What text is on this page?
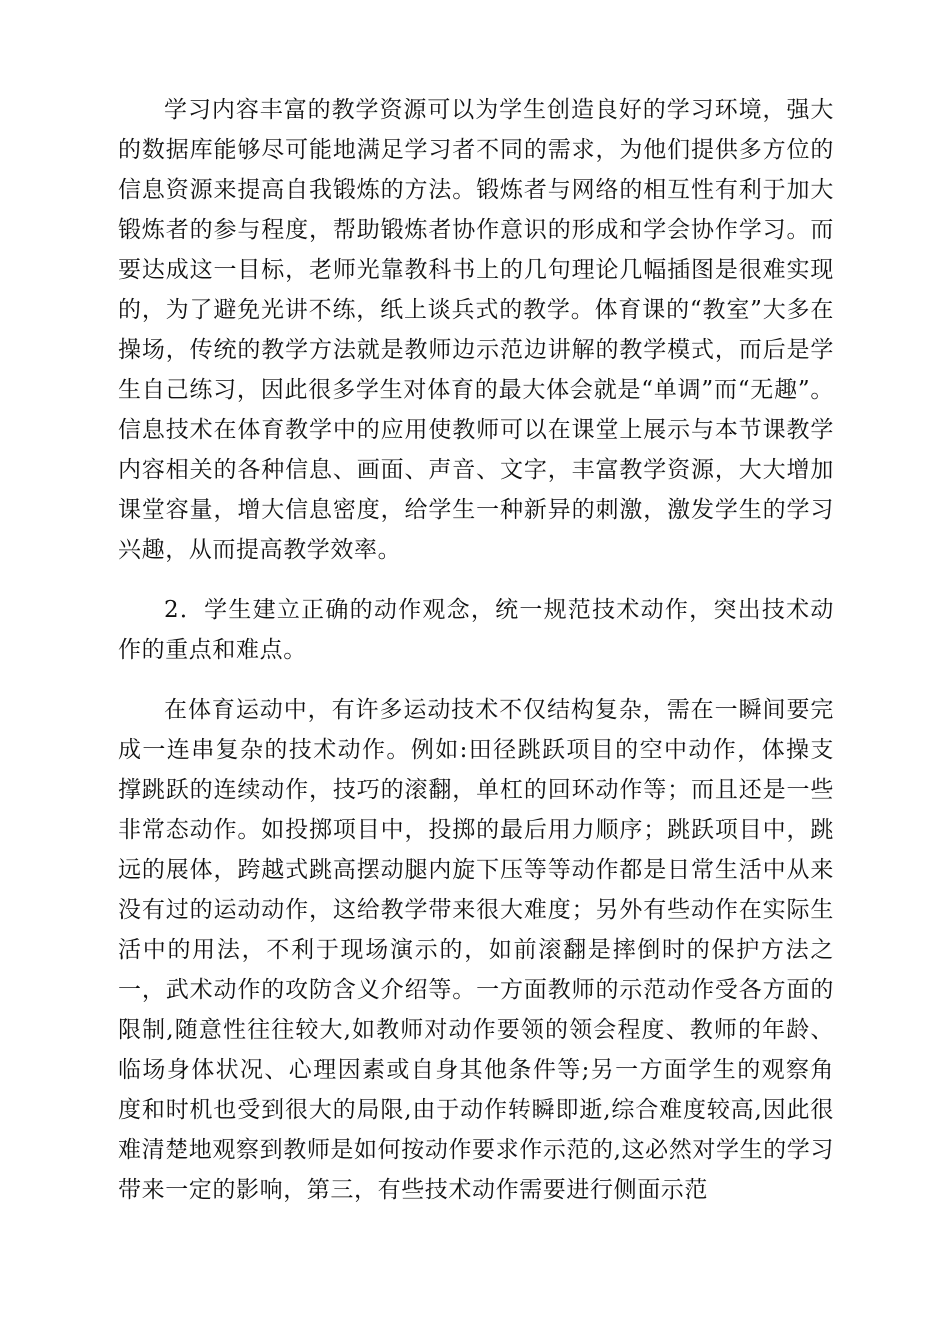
学习内容丰富的教学资源可以为学生创造良好的学习环境，强大的数据库能够尽可能地满足学习者不同的需求，为他们提供多方位的信息资源来提高自我锻炼的方法。锻炼者与网络的相互性有利于加大锻炼者的参与程度，帮助锻炼者协作意识的形成和学会协作学习。而要达成这一目标，老师光靠教科书上的几句理论几幅插图是很难实现的，为了避免光讲不练，纸上谈兵式的教学。体育课的“教室”大多在操场，传统的教学方法就是教师边示范边讲解的教学模式，而后是学生自己练习，因此很多学生对体育的最大体会就是“单调”而“无趣”。信息技术在体育教学中的应用使教师可以在课堂上展示与本节课教学内容相关的各种信息、画面、声音、文字，丰富教学资源，大大增加课堂容量，增大信息密度，给学生一种新异的刺激，激发学生的学习兴趣，从而提高教学效率。

2．学生建立正确的动作观念，统一规范技术动作，突出技术动作的重点和难点。

在体育运动中，有许多运动技术不仅结构复杂，需在一瞬间要完成一连串复杂的技术动作。例如:田径跳跃项目的空中动作，体操支撑跳跃的连续动作，技巧的滚翻，单杠的回环动作等；而且还是一些非常态动作。如投掷项目中，投掷的最后用力顺序；跳跃项目中，跳远的展体，跨越式跳高摆动腿内旋下压等等动作都是日常生活中从来没有过的运动动作，这给教学带来很大难度；另外有些动作在实际生活中的用法，不利于现场演示的，如前滚翻是摔倒时的保护方法之一，武术动作的攻防含义介绍等。一方面教师的示范动作受各方面的限制,随意性往往较大,如教师对动作要领的领会程度、教师的年龄、临场身体状况、心理因素或自身其他条件等;另一方面学生的观察角度和时机也受到很大的局限,由于动作转瞬即逝,综合难度较高,因此很难清楚地观察到教师是如何按动作要求作示范的,这必然对学生的学习带来一定的影响，第三，有些技术动作需要进行侧面示范
